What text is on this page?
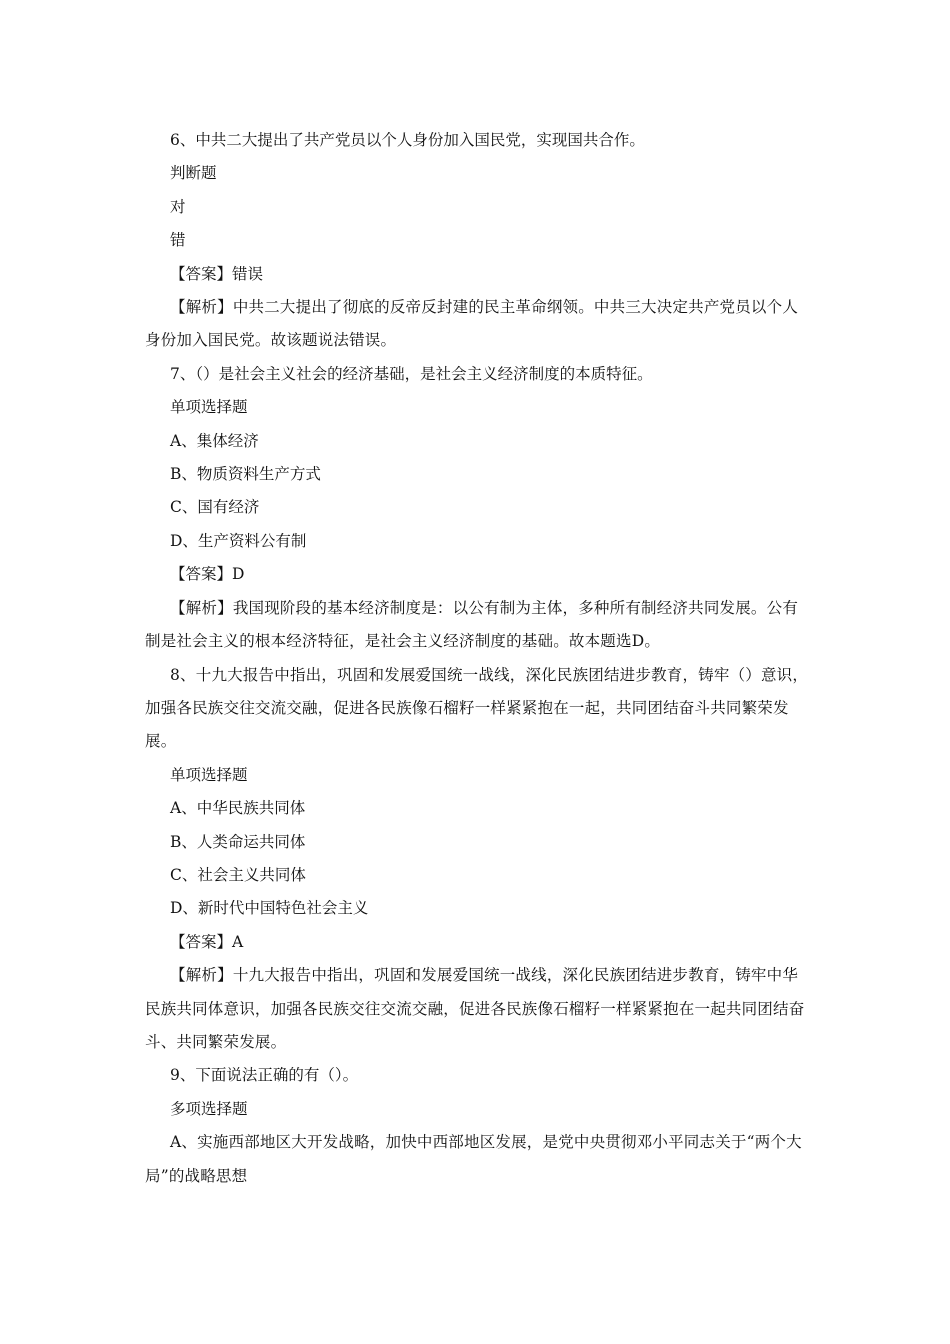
6、中共二大提出了共产党员以个人身份加入国民党，实现国共合作。

判断题

对

错

【答案】错误

【解析】中共二大提出了彻底的反帝反封建的民主革命纲领。中共三大决定共产党员以个人身份加入国民党。故该题说法错误。

7、（）是社会主义社会的经济基础，是社会主义经济制度的本质特征。

单项选择题

A、集体经济

B、物质资料生产方式

C、国有经济

D、生产资料公有制

【答案】D

【解析】我国现阶段的基本经济制度是：以公有制为主体，多种所有制经济共同发展。公有制是社会主义的根本经济特征，是社会主义经济制度的基础。故本题选D。

8、十九大报告中指出，巩固和发展爱国统一战线，深化民族团结进步教育，铸牢（）意识，加强各民族交往交流交融，促进各民族像石榴籽一样紧紧抱在一起，共同团结奋斗共同繁荣发展。

单项选择题

A、中华民族共同体

B、人类命运共同体

C、社会主义共同体

D、新时代中国特色社会主义

【答案】A

【解析】十九大报告中指出，巩固和发展爱国统一战线，深化民族团结进步教育，铸牢中华民族共同体意识，加强各民族交往交流交融，促进各民族像石榴籽一样紧紧抱在一起共同团结奋斗、共同繁荣发展。

9、下面说法正确的有（）。

多项选择题

A、实施西部地区大开发战略，加快中西部地区发展，是党中央贯彻邓小平同志关于“两个大局”的战略思想
